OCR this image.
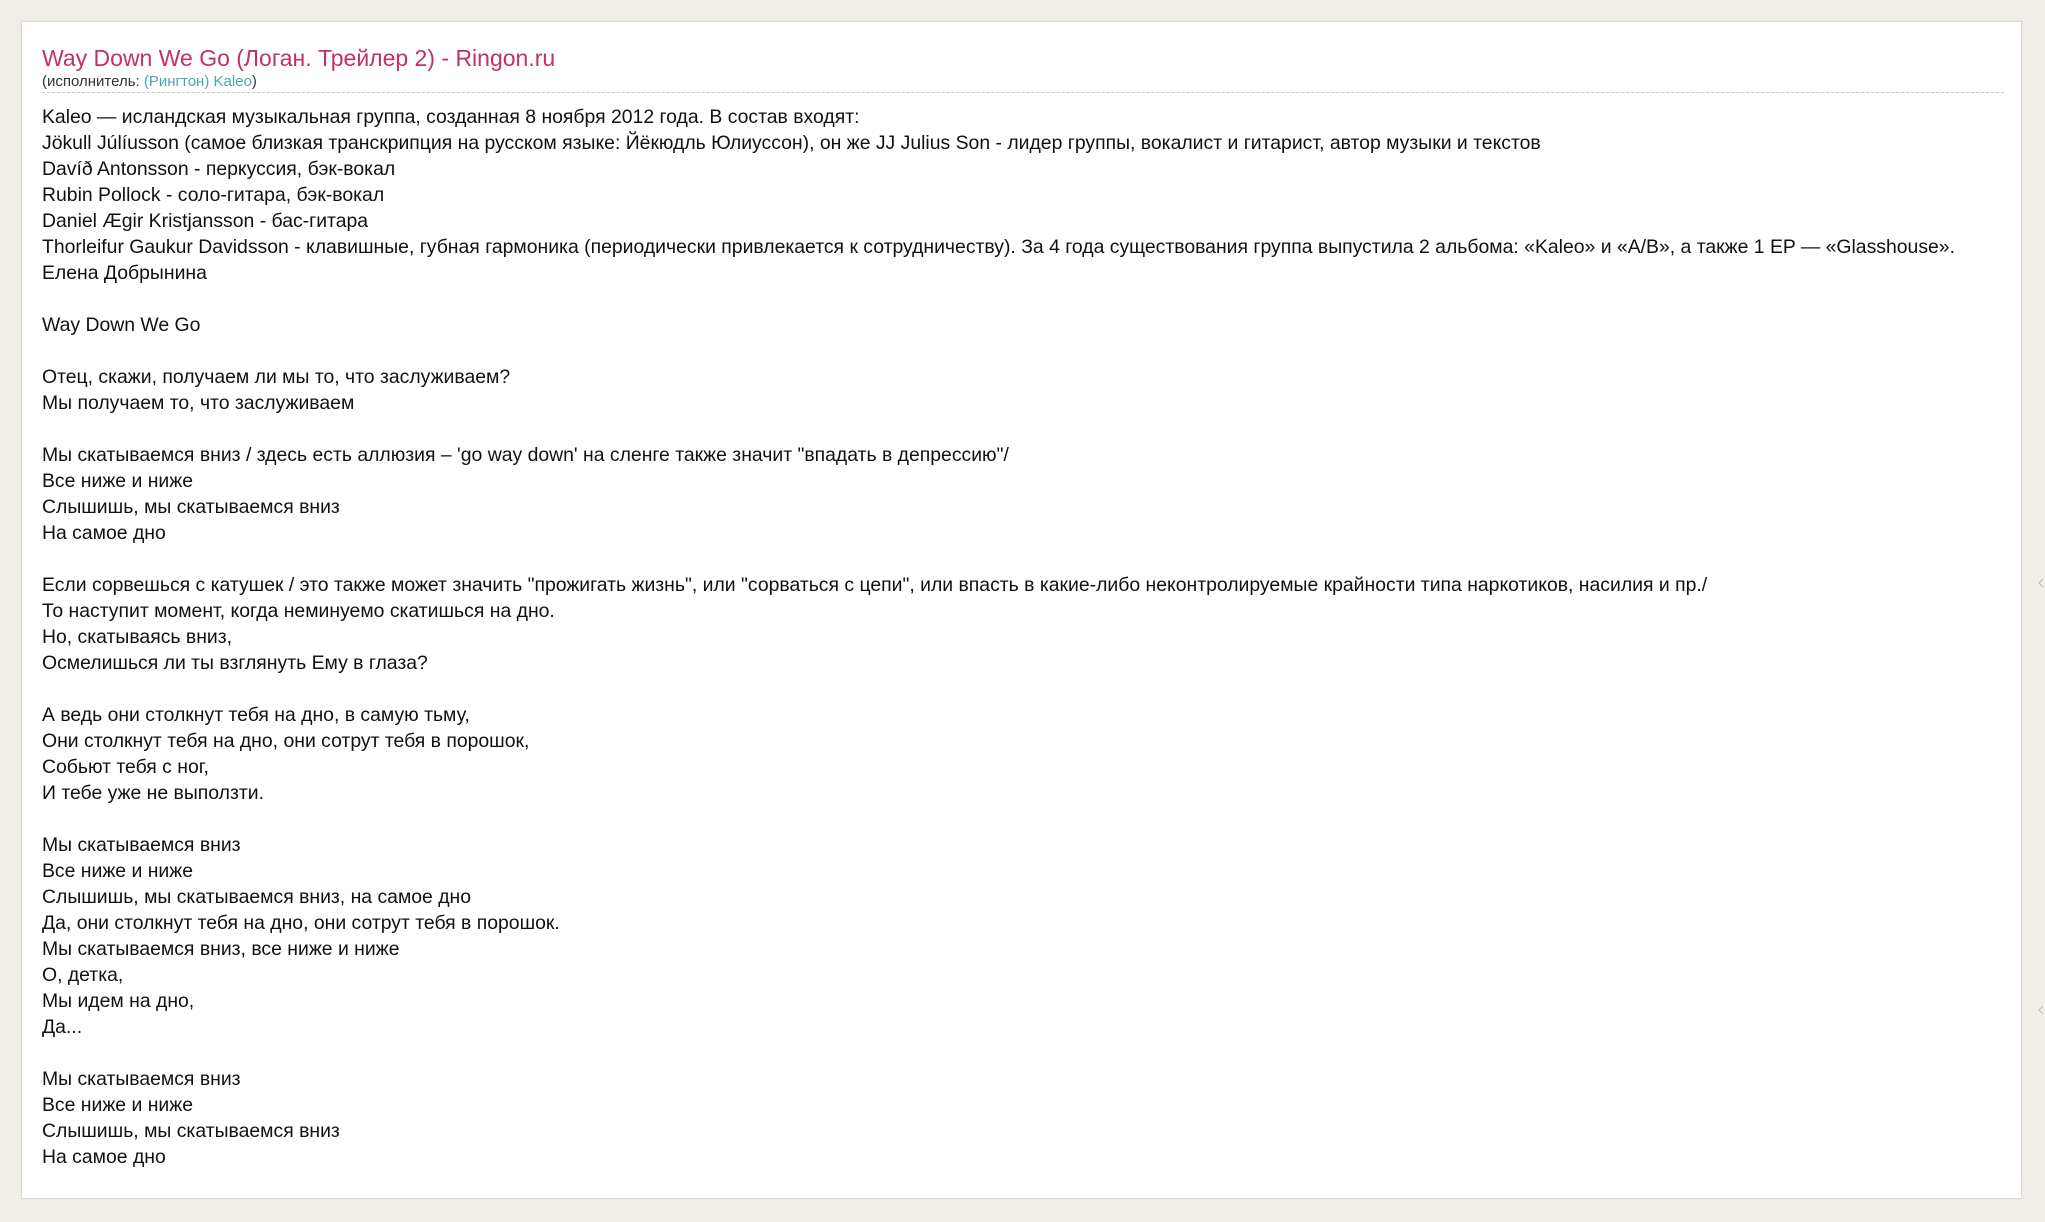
Way Down We Go (Логан. Трейлер 2) - Ringon.ru
(исполнитель: (Рингтон) Kaleo)
Kaleo — исландская музыкальная группа, созданная 8 ноября 2012 года. В состав входят:
Jökull Júlíusson (самое близкая транскрипция на русском языке: Йёкюдль Юлиуссон), он же JJ Julius Son - лидер группы, вокалист и гитарист, автор музыки и текстов
Davíð Antonsson - перкуссия, бэк-вокал
Rubin Pollock - соло-гитара, бэк-вокал
Daniel Ægir Kristjansson - бас-гитара
Thorleifur Gaukur Davidsson - клавишные, губная гармоника (периодически привлекается к сотрудничеству). За 4 года существования группа выпустила 2 альбома: «Kaleo» и «A/B», а также 1 EP — «Glasshouse».
Елена Добрынина
Way Down We Go
Отец, скажи, получаем ли мы то, что заслуживаем?
Мы получаем то, что заслуживаем
Мы скатываемся вниз / здесь есть аллюзия – 'go way down' на сленге также значит "впадать в депрессию"/
Все ниже и ниже
Слышишь, мы скатываемся вниз
На самое дно
Если сорвешься с катушек / это также может значить "прожигать жизнь", или "сорваться с цепи", или впасть в какие-либо неконтролируемые крайности типа наркотиков, насилия и пр./
То наступит момент, когда неминуемо скатишься на дно.
Но, скатываясь вниз,
Осмелишься ли ты взглянуть Ему в глаза?
А ведь они столкнут тебя на дно, в самую тьму,
Они столкнут тебя на дно, они сотрут тебя в порошок,
Собьют тебя с ног,
И тебе уже не выползти.
Мы скатываемся вниз
Все ниже и ниже
Слышишь, мы скатываемся вниз, на самое дно
Да, они столкнут тебя на дно, они сотрут тебя в порошок.
Мы скатываемся вниз, все ниже и ниже
О, детка,
Мы идем на дно,
Да...
Мы скатываемся вниз
Все ниже и ниже
Слышишь, мы скатываемся вниз
На самое дно
